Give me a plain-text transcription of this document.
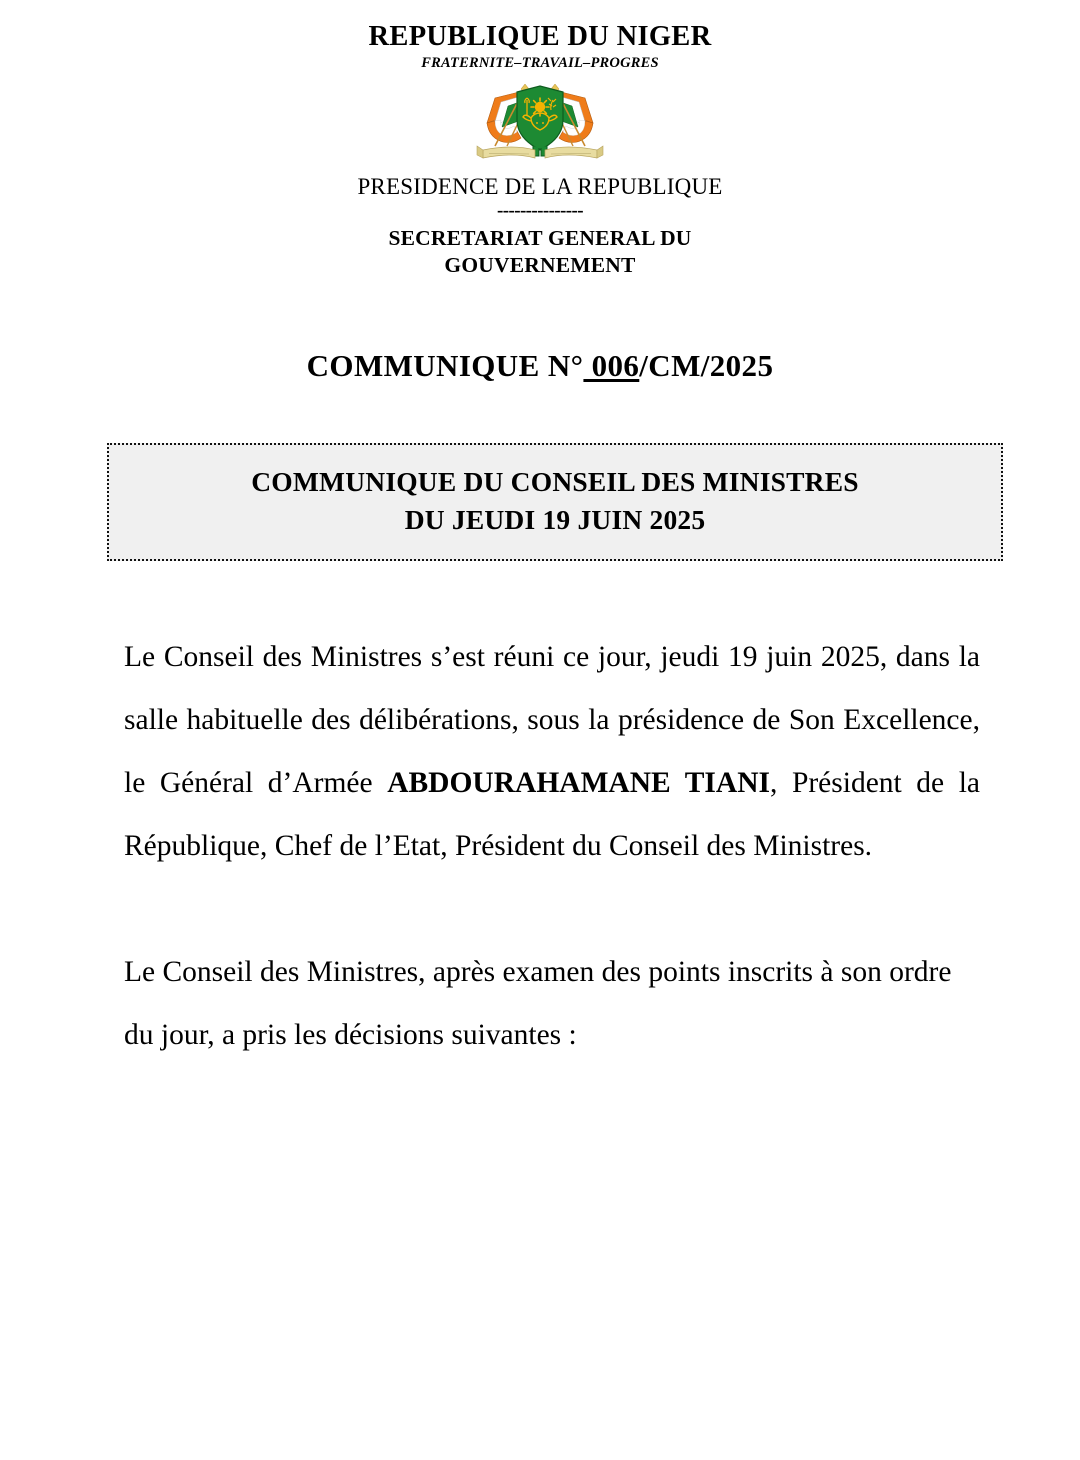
REPUBLIQUE DU NIGER
FRATERNITE–TRAVAIL–PROGRES
PRESIDENCE DE LA REPUBLIQUE
---------------
SECRETARIAT GENERAL DU
GOUVERNEMENT
COMMUNIQUE N° 006/CM/2025
COMMUNIQUE DU CONSEIL DES MINISTRES
DU JEUDI 19 JUIN 2025

Le Conseil des Ministres s’est réuni ce jour, jeudi 19 juin 2025, dans la salle habituelle des délibérations, sous la présidence de Son Excellence, le Général d’Armée ABDOURAHAMANE TIANI, Président de la République, Chef de l’Etat, Président du Conseil des Ministres.

Le Conseil des Ministres, après examen des points inscrits à son ordre du jour, a pris les décisions suivantes :
